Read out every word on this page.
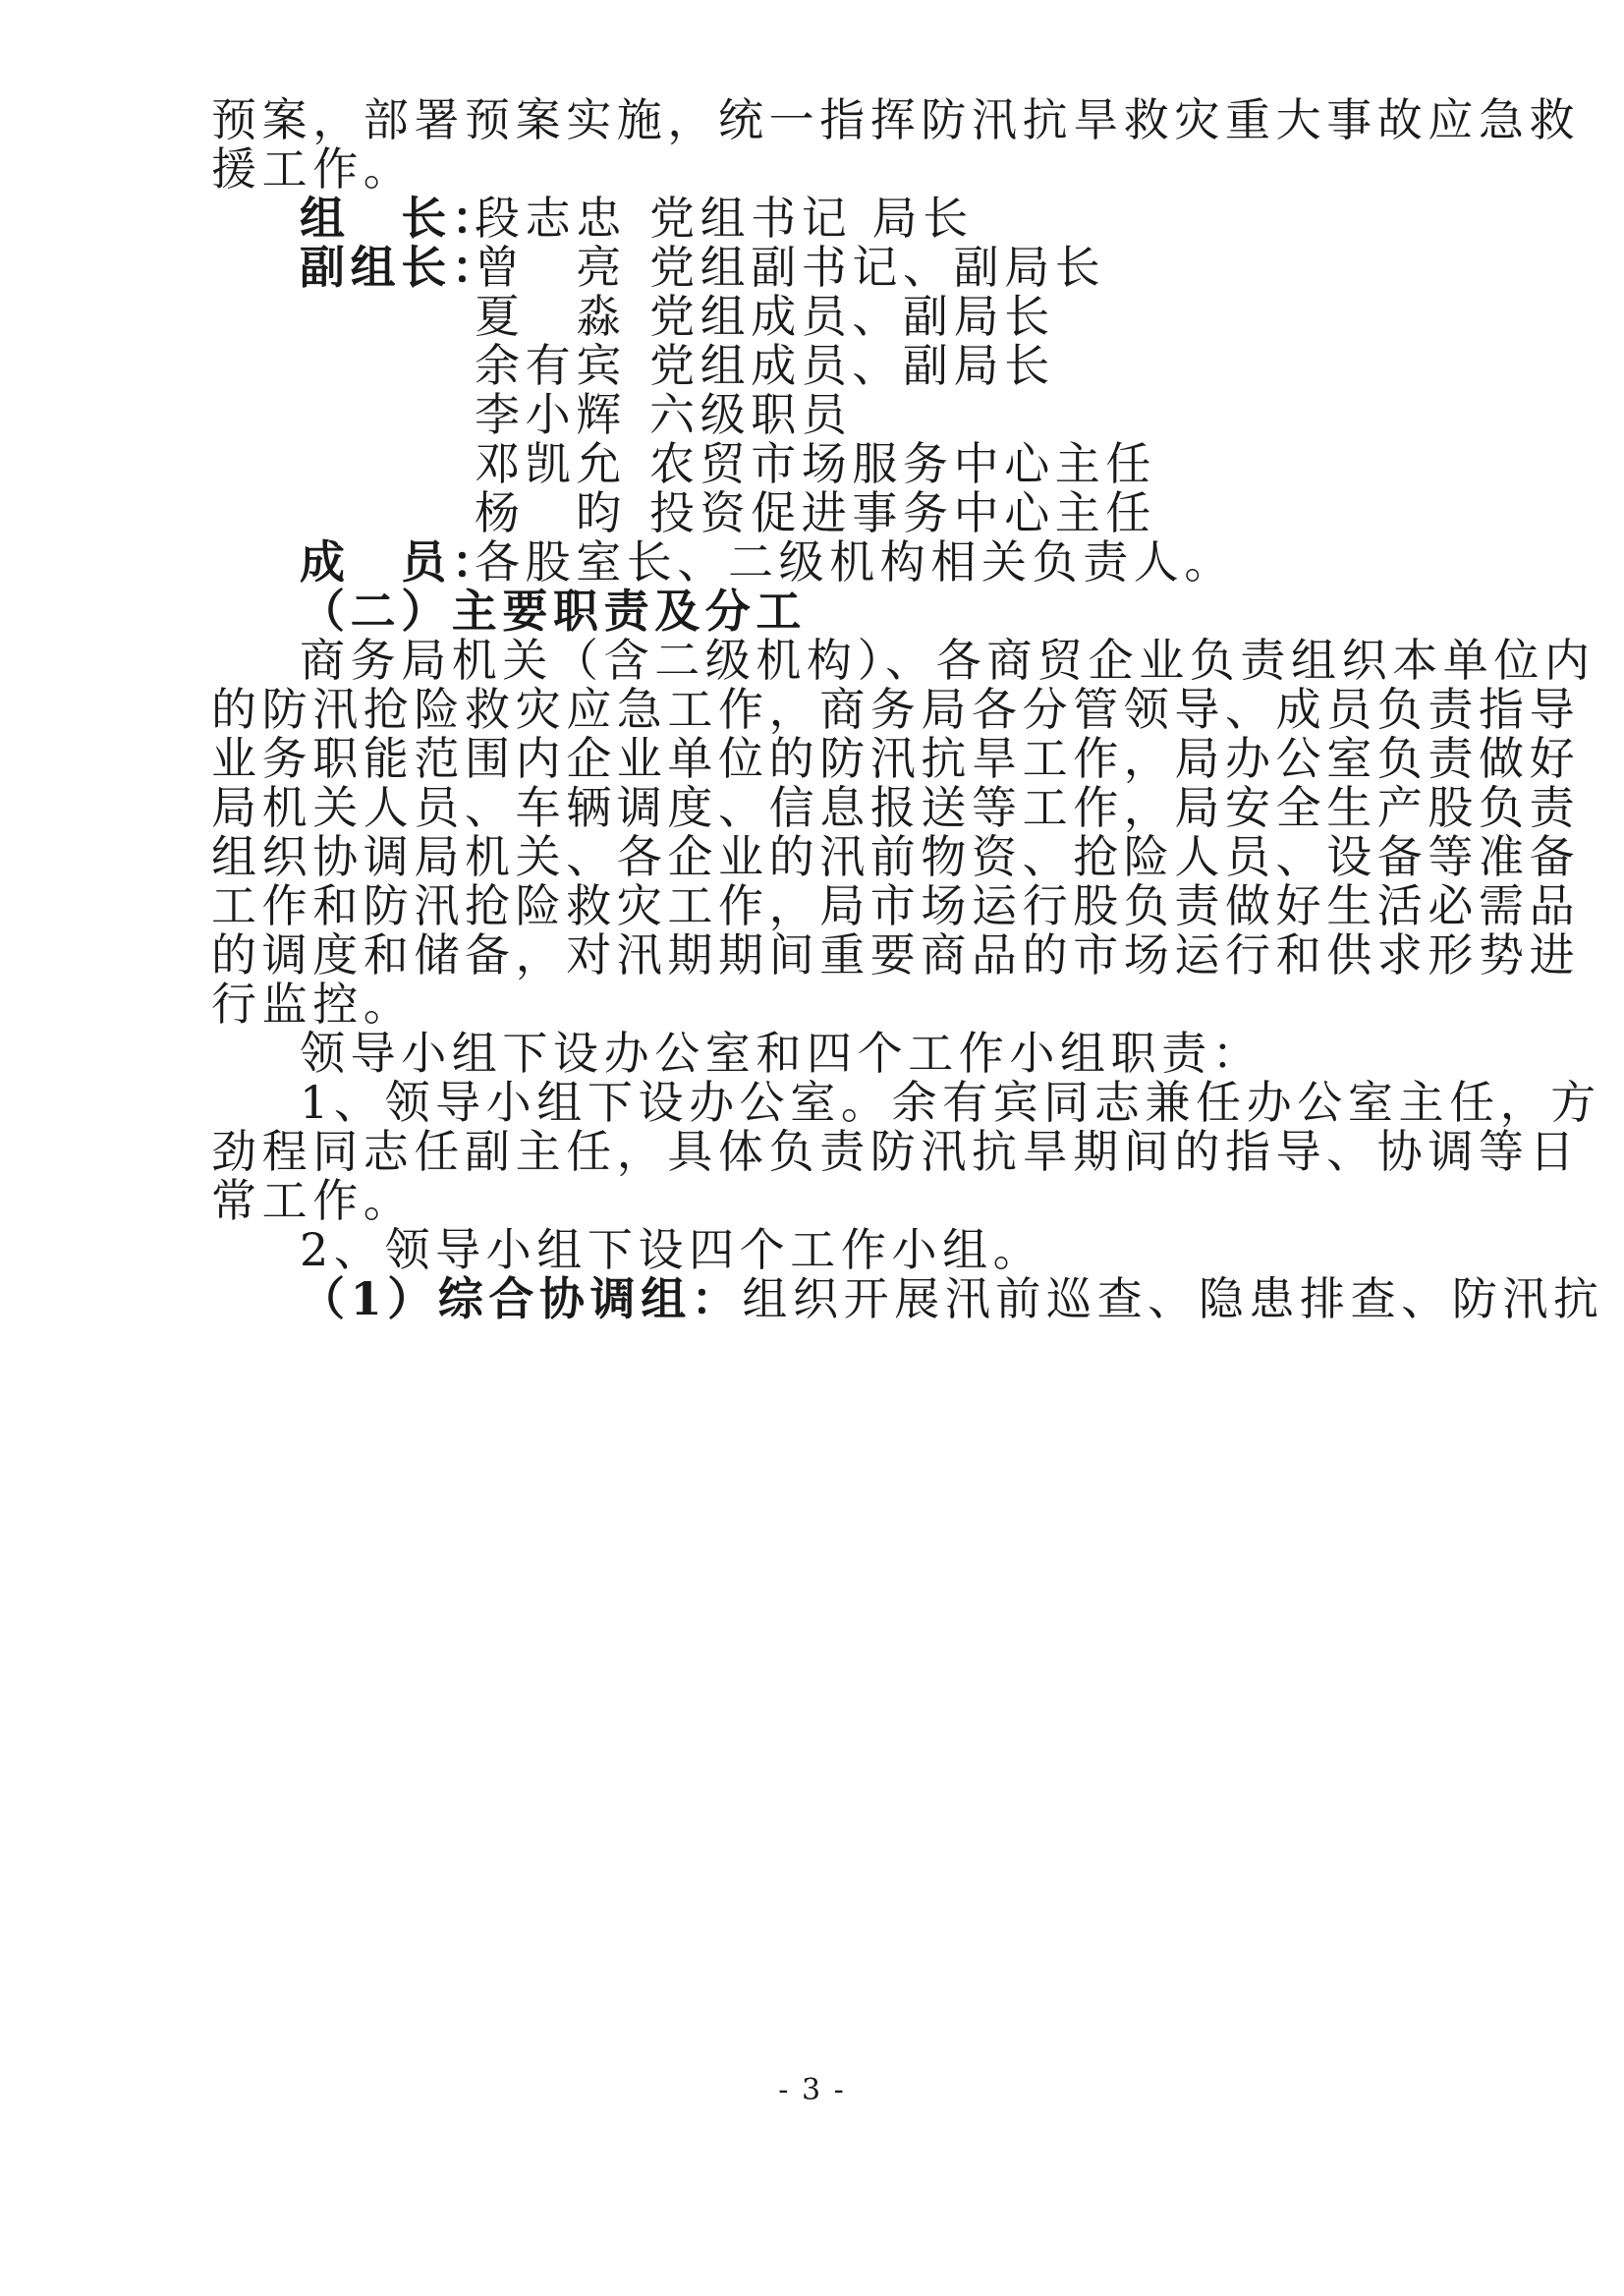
预案，部署预案实施，统一指挥防汛抗旱救灾重大事故应急救
援工作。
组　长：段志忠 党组书记 局长
副组长：曾　亮 党组副书记、副局长
夏　淼 党组成员、副局长
余有宾 党组成员、副局长
李小辉 六级职员
邓凯允 农贸市场服务中心主任
杨　昀 投资促进事务中心主任
成　员：各股室长、二级机构相关负责人。
（二）主要职责及分工
商务局机关（含二级机构）、各商贸企业负责组织本单位内
的防汛抢险救灾应急工作，商务局各分管领导、成员负责指导
业务职能范围内企业单位的防汛抗旱工作，局办公室负责做好
局机关人员、车辆调度、信息报送等工作，局安全生产股负责
组织协调局机关、各企业的汛前物资、抢险人员、设备等准备
工作和防汛抢险救灾工作，局市场运行股负责做好生活必需品
的调度和储备，对汛期期间重要商品的市场运行和供求形势进
行监控。
领导小组下设办公室和四个工作小组职责：
1、领导小组下设办公室。余有宾同志兼任办公室主任，方
劲程同志任副主任，具体负责防汛抗旱期间的指导、协调等日
常工作。
2、领导小组下设四个工作小组。
（1）综合协调组：组织开展汛前巡查、隐患排查、防汛抗
- 3 -
